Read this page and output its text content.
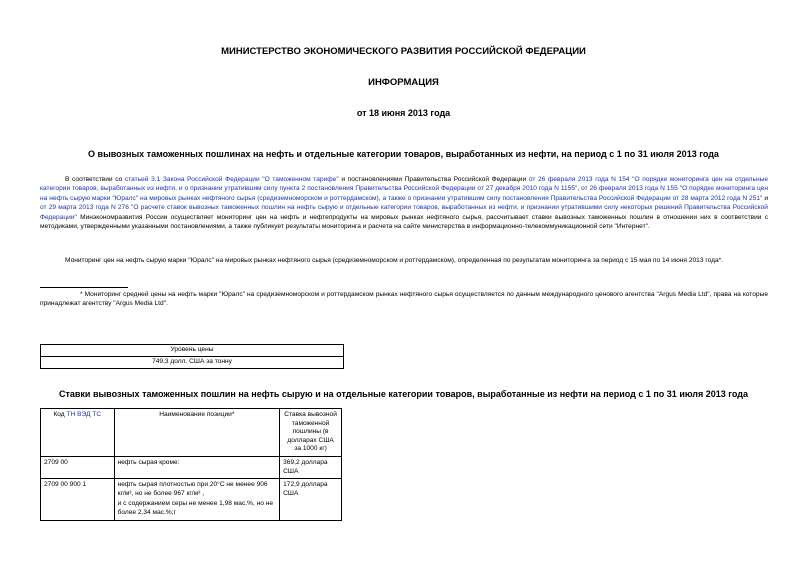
МИНИСТЕРСТВО ЭКОНОМИЧЕСКОГО РАЗВИТИЯ РОССИЙСКОЙ ФЕДЕРАЦИИ
ИНФОРМАЦИЯ
от 18 июня 2013 года
О вывозных таможенных пошлинах на нефть и отдельные категории товаров, выработанных из нефти, на период с 1 по 31 июля 2013 года
В соответствии со статьей 3.1 Закона Российской Федерации "О таможенном тарифе" и постановлениями Правительства Российской Федерации от 26 февраля 2013 года N 154 "О порядке мониторинга цен на отдельные категории товаров, выработанных из нефти, и о признании утратившим силу пункта 2 постановления Правительства Российской Федерации от 27 декабря 2010 года N 1155", от 26 февраля 2013 года N 155 "О порядке мониторинга цен на нефть сырую марки "Юралс" на мировых рынках нефтяного сырья (средиземноморском и роттердамском), а также о признании утратившим силу постановления Правительства Российской Федерации от 28 марта 2012 года N 251" и от 29 марта 2013 года N 276 "О расчете ставок вывозных таможенных пошлин на нефть сырую и отдельные категории товаров, выработанных из нефти, и признании утратившими силу некоторых решений Правительства Российской Федерации" Минэкономразвития России осуществляет мониторинг цен на нефть и нефтепродукты на мировых рынках нефтяного сырья, рассчитывает ставки вывозных таможенных пошлин в отношении них в соответствии с методиками, утвержденными указанными постановлениями, а также публикует результаты мониторинга и расчета на сайте министерства в информационно-телекоммуникационной сети "Интернет".
Мониторинг цен на нефть сырую марки "Юралс" на мировых рынках нефтяного сырья (средиземноморском и роттердамском), определенная по результатам мониторинга за период с 15 мая по 14 июня 2013 года*.
* Мониторинг средней цены на нефть марки "Юралс" на средиземноморском и роттердамском рынках нефтяного сырья осуществляется по данным международного ценового агентства "Argus Media Ltd", права на которые принадлежат агентству "Argus Media Ltd".
Уровень цены
749,3 долл. США за тонну
Ставки вывозных таможенных пошлин на нефть сырую и на отдельные категории товаров, выработанные из нефти на период с 1 по 31 июля 2013 года
Код ТН ВЭД ТС	Наименование позиции*	Ставка вывозной таможенной пошлины (в долларах США за 1000 кг)
2709 00	нефть сырая кроме:	369,2 доллара США
2709 00 900 1	нефть сырая плотностью при 20°С не менее 906 кг/м³, но не более 967 кг/м³ ,
и с содержанием серы не менее 1,98 мас.%, но не более 2,34 мас.%;г	172,9 доллара США
